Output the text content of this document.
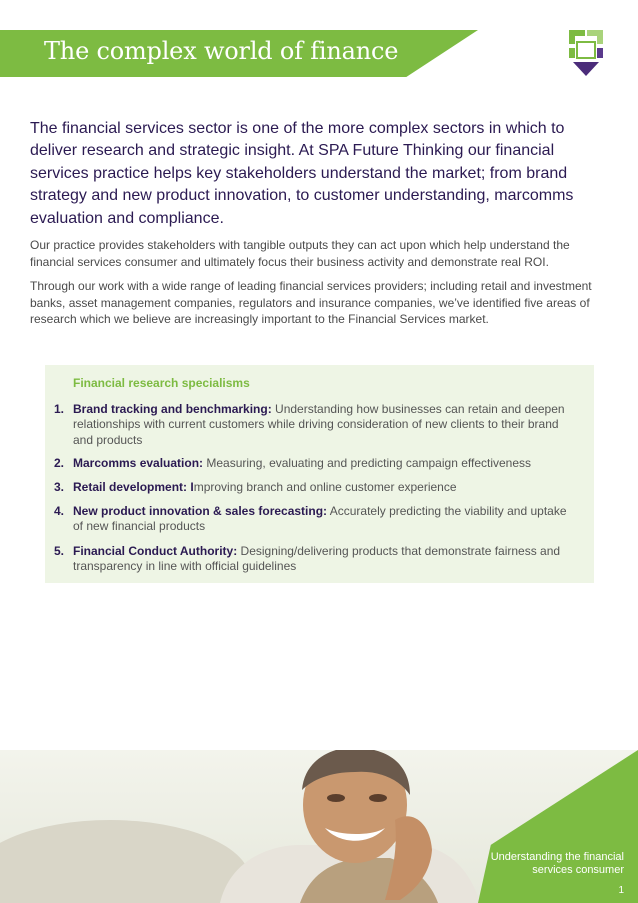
The complex world of finance

The financial services sector is one of the more complex sectors in which to deliver research and strategic insight. At SPA Future Thinking our financial services practice helps key stakeholders understand the market; from brand strategy and new product innovation, to customer understanding, marcomms evaluation and compliance.

Our practice provides stakeholders with tangible outputs they can act upon which help understand the financial services consumer and ultimately focus their business activity and demonstrate real ROI.

Through our work with a wide range of leading financial services providers; including retail and investment banks, asset management companies, regulators and insurance companies, we’ve identified five areas of research which we believe are increasingly important to the Financial Services market.

Financial research specialisms
1. Brand tracking and benchmarking: Understanding how businesses can retain and deepen relationships with current customers while driving consideration of new clients to their brand and products
2. Marcomms evaluation: Measuring, evaluating and predicting campaign effectiveness
3. Retail development: Improving branch and online customer experience
4. New product innovation & sales forecasting: Accurately predicting the viability and uptake of new financial products
5. Financial Conduct Authority: Designing/delivering products that demonstrate fairness and transparency in line with official guidelines
Understanding the financial services consumer
1
